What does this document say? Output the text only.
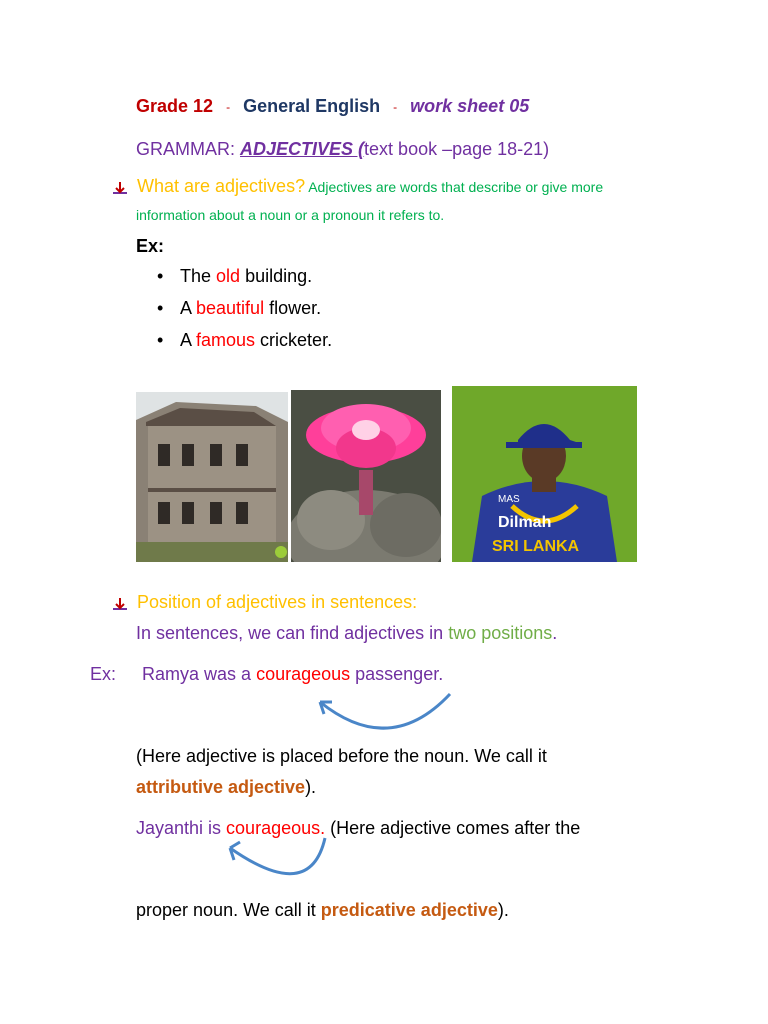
Grade 12 - General English - work sheet 05
GRAMMAR: ADJECTIVES (text book –page 18-21)
What are adjectives? Adjectives are words that describe or give more
information about a noun or a pronoun it refers to.
Ex:
• The old building.
• A beautiful flower.
• A famous cricketer.
Dilmah
SRI LANKA
MAS
Position of adjectives in sentences:
In sentences, we can find adjectives in two positions.
Ex: Ramya was a courageous passenger.
(Here adjective is placed before the noun. We call it
attributive adjective).
Jayanthi is courageous. (Here adjective comes after the
proper noun. We call it predicative adjective).
